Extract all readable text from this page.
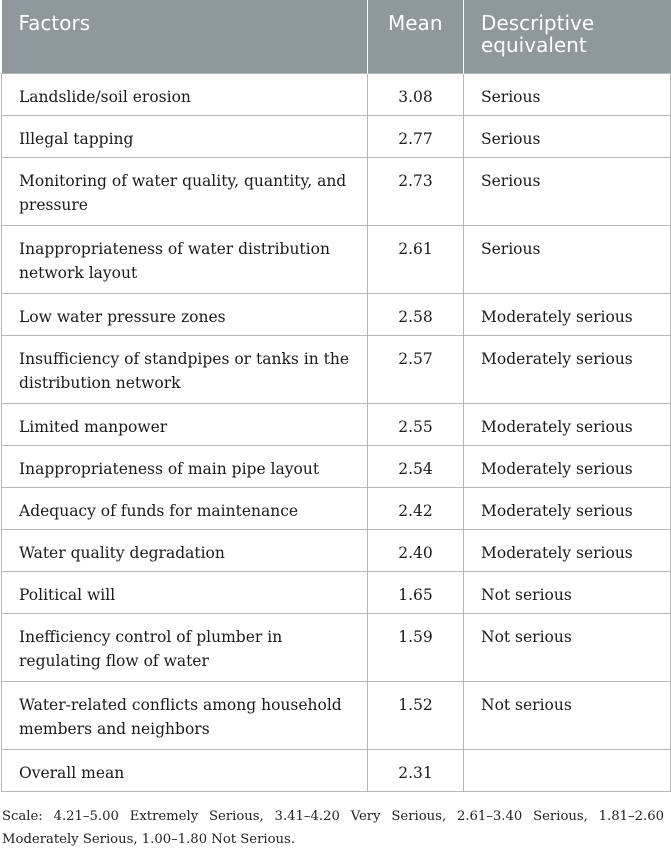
Factors	Mean	Descriptive equivalent
Landslide/soil erosion	3.08	Serious
Illegal tapping	2.77	Serious
Monitoring of water quality, quantity, and pressure	2.73	Serious
Inappropriateness of water distribution network layout	2.61	Serious
Low water pressure zones	2.58	Moderately serious
Insufficiency of standpipes or tanks in the distribution network	2.57	Moderately serious
Limited manpower	2.55	Moderately serious
Inappropriateness of main pipe layout	2.54	Moderately serious
Adequacy of funds for maintenance	2.42	Moderately serious
Water quality degradation	2.40	Moderately serious
Political will	1.65	Not serious
Inefficiency control of plumber in regulating flow of water	1.59	Not serious
Water-related conflicts among household members and neighbors	1.52	Not serious
Overall mean	2.31	

Scale: 4.21–5.00 Extremely Serious, 3.41–4.20 Very Serious, 2.61–3.40 Serious, 1.81–2.60 Moderately Serious, 1.00–1.80 Not Serious.
